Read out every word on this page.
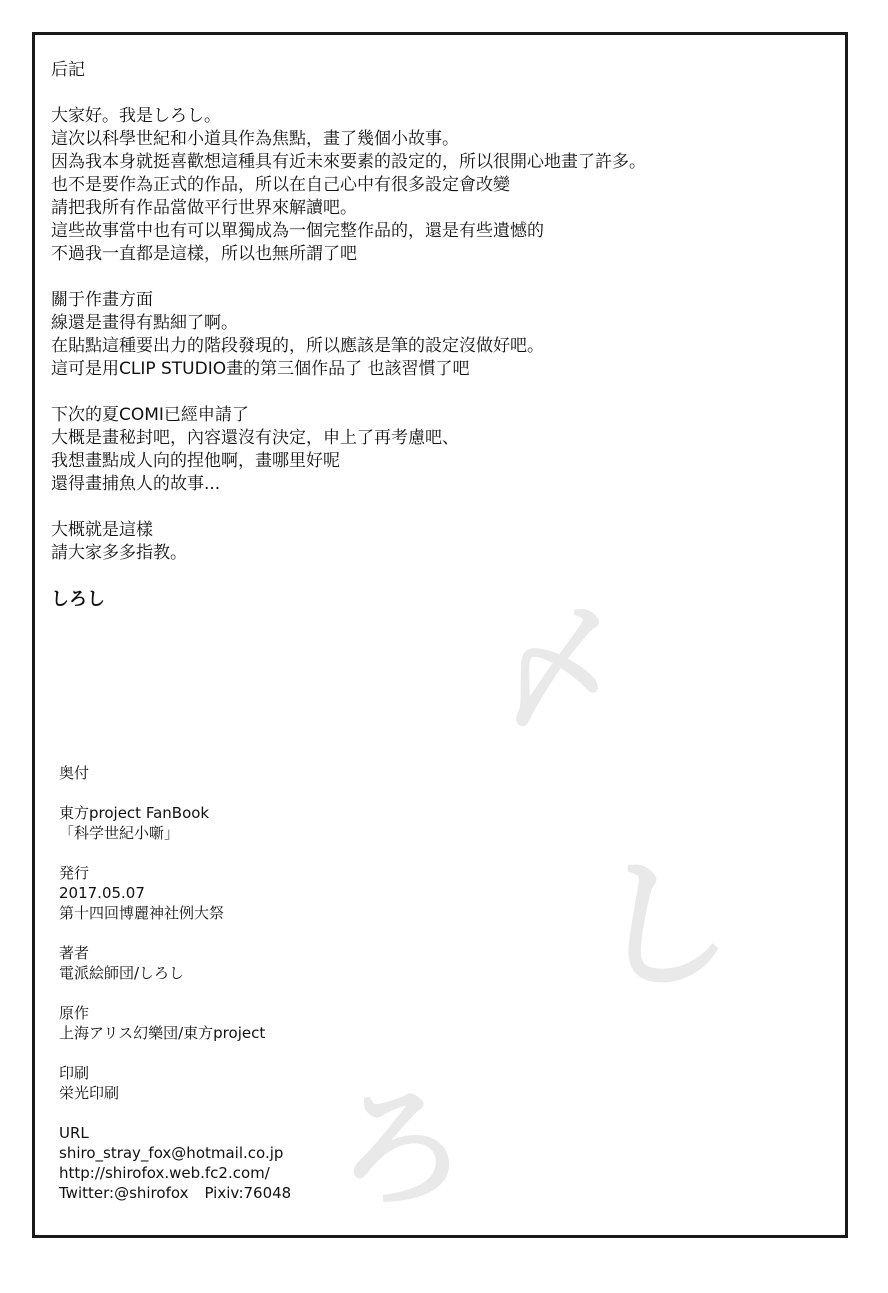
〆
し
ろ
后記
大家好。我是しろし。
這次以科學世紀和小道具作為焦點，畫了幾個小故事。
因為我本身就挺喜歡想這種具有近未來要素的設定的，所以很開心地畫了許多。
也不是要作為正式的作品，所以在自己心中有很多設定會改變
請把我所有作品當做平行世界來解讀吧。
這些故事當中也有可以單獨成為一個完整作品的，還是有些遺憾的
不過我一直都是這樣，所以也無所謂了吧
關于作畫方面
線還是畫得有點細了啊。
在貼點這種要出力的階段發現的，所以應該是筆的設定沒做好吧。
這可是用CLIP STUDIO畫的第三個作品了 也該習慣了吧
下次的夏COMI已經申請了
大概是畫秘封吧，內容還沒有決定，申上了再考慮吧、
我想畫點成人向的捏他啊，畫哪里好呢
還得畫捕魚人的故事...
大概就是這樣
請大家多多指教。
しろし
奥付
東方project FanBook
「科学世紀小噺」
発行
2017.05.07
第十四回博麗神社例大祭
著者
電派絵師団/しろし
原作
上海アリス幻樂団/東方project
印刷
栄光印刷
URL
shiro_stray_fox@hotmail.co.jp
http://shirofox.web.fc2.com/
Twitter:@shirofox Pixiv:76048
